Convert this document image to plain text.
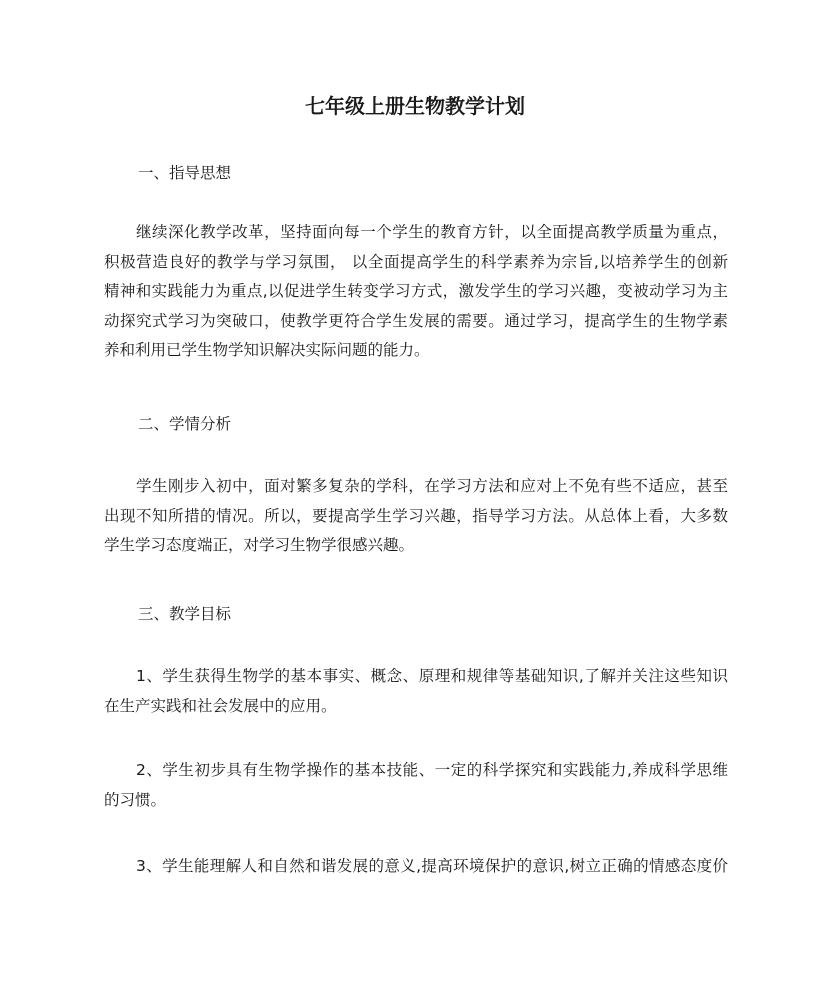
七年级上册生物教学计划
一、指导思想
继续深化教学改革，坚持面向每一个学生的教育方针，以全面提高教学质量为重点，
积极营造良好的教学与学习氛围， 以全面提高学生的科学素养为宗旨,以培养学生的创新
精神和实践能力为重点,以促进学生转变学习方式，激发学生的学习兴趣，变被动学习为主
动探究式学习为突破口，使教学更符合学生发展的需要。通过学习，提高学生的生物学素
养和利用已学生物学知识解决实际问题的能力。
二、学情分析
学生刚步入初中，面对繁多复杂的学科，在学习方法和应对上不免有些不适应，甚至
出现不知所措的情况。所以，要提高学生学习兴趣，指导学习方法。从总体上看，大多数
学生学习态度端正，对学习生物学很感兴趣。
三、教学目标
1、学生获得生物学的基本事实、概念、原理和规律等基础知识,了解并关注这些知识
在生产实践和社会发展中的应用。
2、学生初步具有生物学操作的基本技能、一定的科学探究和实践能力,养成科学思维
的习惯。
3、学生能理解人和自然和谐发展的意义,提高环境保护的意识,树立正确的情感态度价
